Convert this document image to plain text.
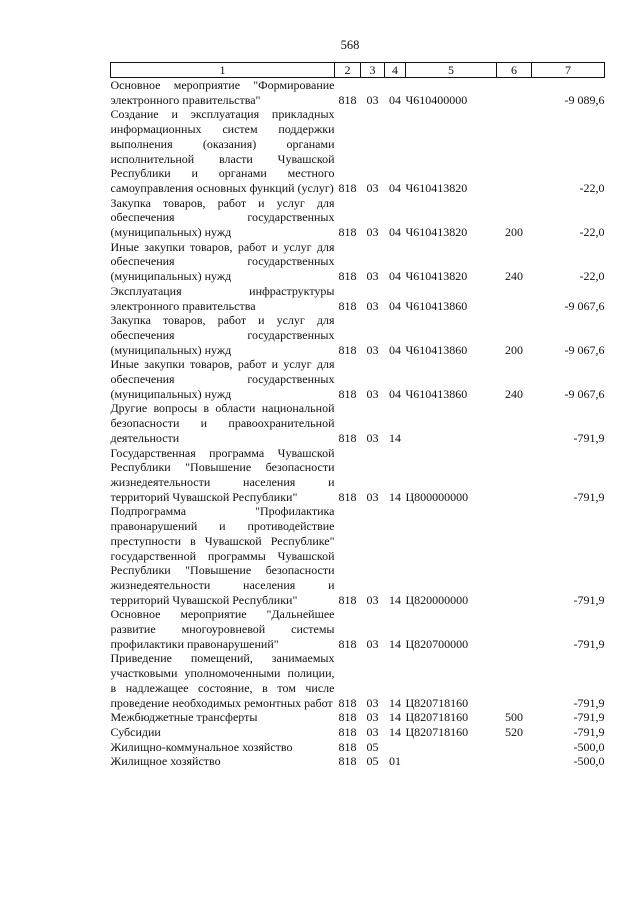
568
1	2	3	4	5	6	7
Основное мероприятие "Формирование электронного правительства"	818	03	04	Ч610400000		-9 089,6
Создание и эксплуатация прикладных информационных систем поддержки выполнения (оказания) органами исполнительной власти Чувашской Республики и органами местного самоуправления основных функций (услуг)	818	03	04	Ч610413820		-22,0
Закупка товаров, работ и услуг для обеспечения государственных (муниципальных) нужд	818	03	04	Ч610413820	200	-22,0
Иные закупки товаров, работ и услуг для обеспечения государственных (муниципальных) нужд	818	03	04	Ч610413820	240	-22,0
Эксплуатация инфраструктуры электронного правительства	818	03	04	Ч610413860		-9 067,6
Закупка товаров, работ и услуг для обеспечения государственных (муниципальных) нужд	818	03	04	Ч610413860	200	-9 067,6
Иные закупки товаров, работ и услуг для обеспечения государственных (муниципальных) нужд	818	03	04	Ч610413860	240	-9 067,6
Другие вопросы в области национальной безопасности и правоохранительной деятельности	818	03	14			-791,9
Государственная программа Чувашской Республики "Повышение безопасности жизнедеятельности населения и территорий Чувашской Республики"	818	03	14	Ц800000000		-791,9
Подпрограмма "Профилактика правонарушений и противодействие преступности в Чувашской Республике" государственной программы Чувашской Республики "Повышение безопасности жизнедеятельности населения и территорий Чувашской Республики"	818	03	14	Ц820000000		-791,9
Основное мероприятие "Дальнейшее развитие многоуровневой системы профилактики правонарушений"	818	03	14	Ц820700000		-791,9
Приведение помещений, занимаемых участковыми уполномоченными полиции, в надлежащее состояние, в том числе проведение необходимых ремонтных работ	818	03	14	Ц820718160		-791,9
Межбюджетные трансферты	818	03	14	Ц820718160	500	-791,9
Субсидии	818	03	14	Ц820718160	520	-791,9
Жилищно-коммунальное хозяйство	818	05				-500,0
Жилищное хозяйство	818	05	01			-500,0
